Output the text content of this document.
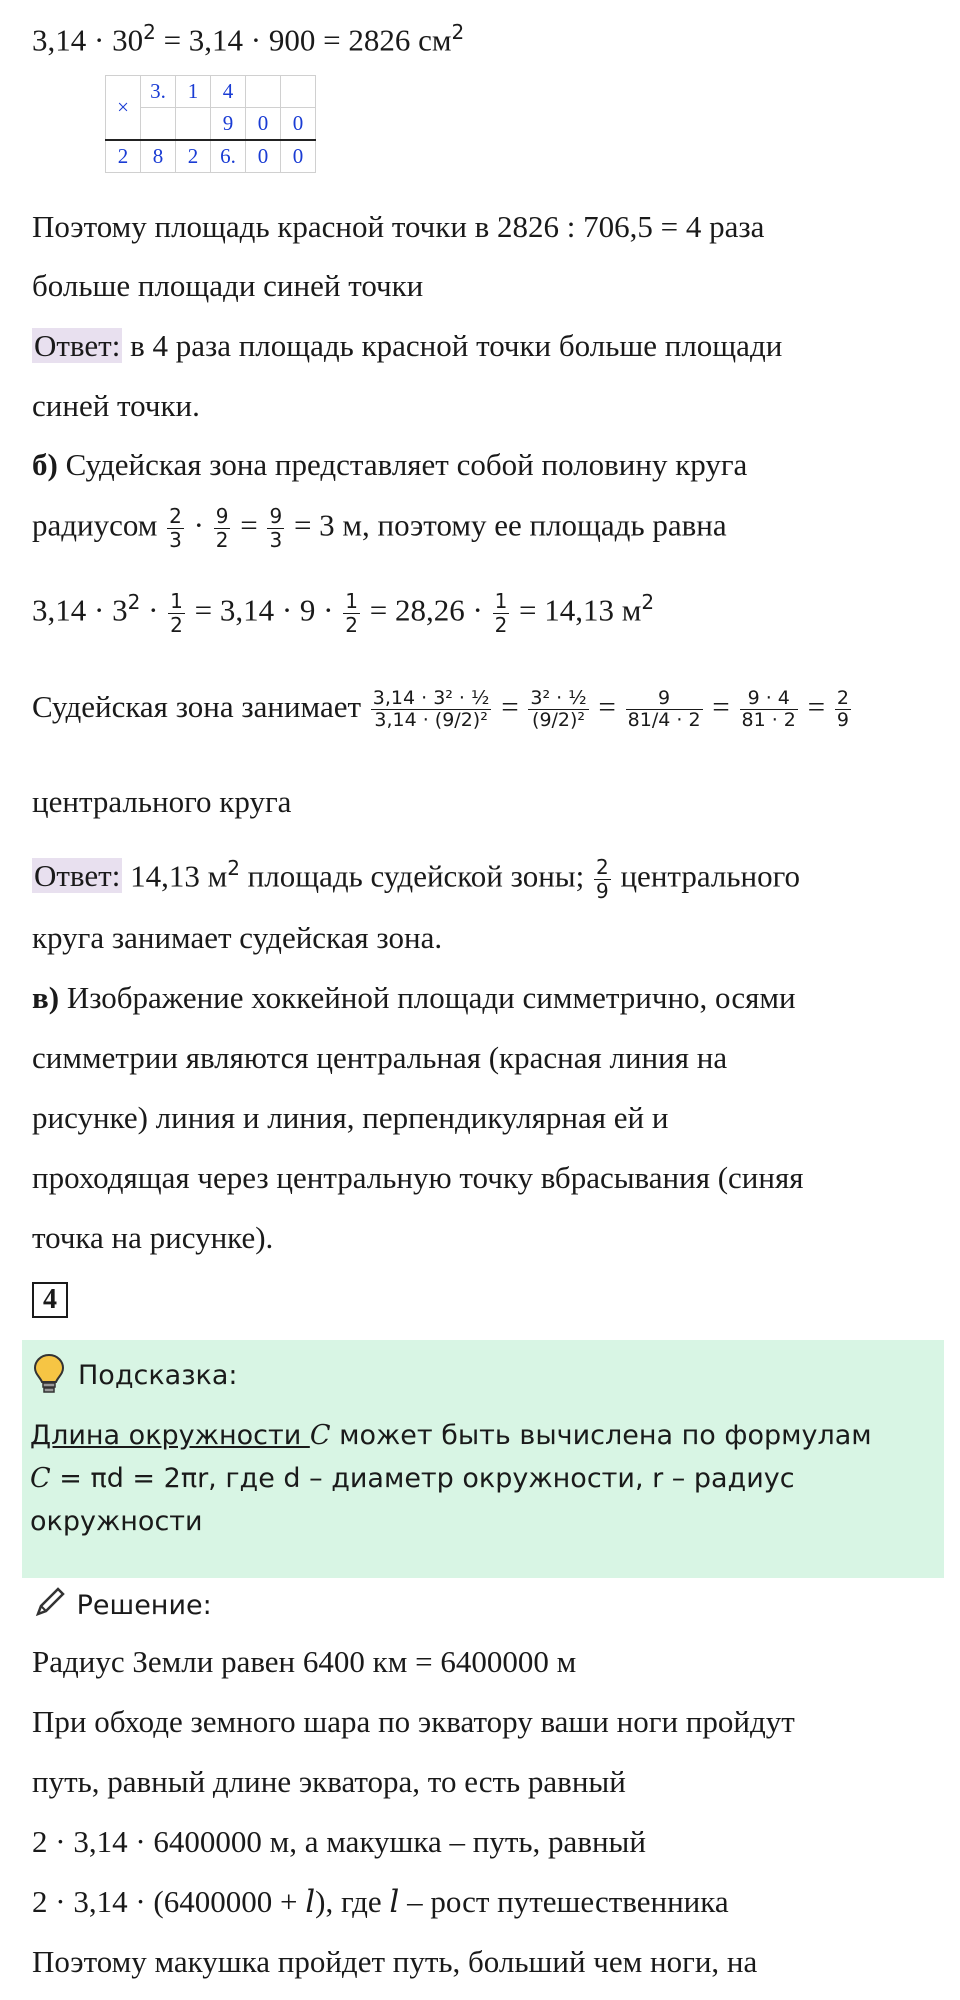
$3,14 \cdot 30^2 = 3,14 \cdot 900 = 2826$ $см^2$
×	3.	1	4		
			9	0	0
2	8	2	6.	0	0
Поэтому площадь красной точки в 2826 : 706,5 = 4 раза
больше площади синей точки
Ответ: в 4 раза площадь красной точки больше площади
синей точки.
б) Судейская зона представляет собой половину круга
радиусом $\frac{2}{3} \cdot \frac{9}{2} = \frac{9}{3} = 3$ м, поэтому ее площадь равна
$3,14 \cdot 3^2 \cdot \frac{1}{2} = 3,14 \cdot 9 \cdot \frac{1}{2} = 28,26 \cdot \frac{1}{2} = 14,13$ $м^2$
Судейская зона занимает $\frac{\text{3,14 · 3² · ½}}{\text{3,14 · (9/2)²}} = \frac{\text{3² · ½}}{\text{(9/2)²}} = \frac{9}{81/4 \cdot 2} = \frac{9 \cdot 4}{81 \cdot 2} = \frac{2}{9}$
центрального круга
Ответ: 14,13 $м^2$ площадь судейской зоны; $\frac{2}{9}$ центрального
круга занимает судейская зона.
в) Изображение хоккейной площади симметрично, осями
симметрии являются центральная (красная линия на
рисунке) линия и линия, перпендикулярная ей и
проходящая через центральную точку вбрасывания (синяя
точка на рисунке).
4
Подсказка:
Длина окружности C может быть вычислена по формулам
C = πd = 2πr, где d – диаметр окружности, r – радиус
окружности
Решение:
Радиус Земли равен 6400 км = 6400000 м
При обходе земного шара по экватору ваши ноги пройдут
путь, равный длине экватора, то есть равный
2 · 3,14 · 6400000 м, а макушка – путь, равный
2 · 3,14 · (6400000 + l), где l – рост путешественника
Поэтому макушка пройдет путь, больший чем ноги, на
